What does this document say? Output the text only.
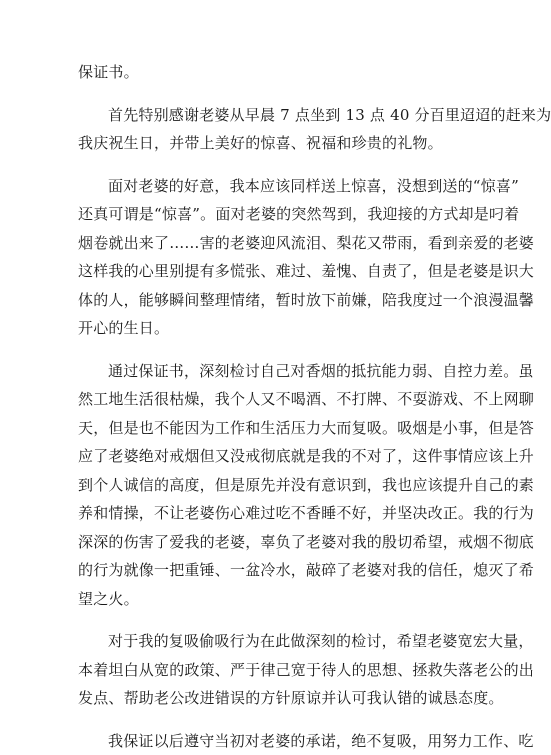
保证书。
首先特别感谢老婆从早晨 7 点坐到 13 点 40 分百里迢迢的赶来为
我庆祝生日，并带上美好的惊喜、祝福和珍贵的礼物。
面对老婆的好意，我本应该同样送上惊喜，没想到送的“惊喜”
还真可谓是“惊喜”。面对老婆的突然驾到，我迎接的方式却是叼着
烟卷就出来了……害的老婆迎风流泪、梨花又带雨，看到亲爱的老婆
这样我的心里别提有多慌张、难过、羞愧、自责了，但是老婆是识大
体的人，能够瞬间整理情绪，暂时放下前嫌，陪我度过一个浪漫温馨
开心的生日。
通过保证书，深刻检讨自己对香烟的抵抗能力弱、自控力差。虽
然工地生活很枯燥，我个人又不喝酒、不打牌、不耍游戏、不上网聊
天，但是也不能因为工作和生活压力大而复吸。吸烟是小事，但是答
应了老婆绝对戒烟但又没戒彻底就是我的不对了，这件事情应该上升
到个人诚信的高度，但是原先并没有意识到，我也应该提升自己的素
养和情操，不让老婆伤心难过吃不香睡不好，并坚决改正。我的行为
深深的伤害了爱我的老婆，辜负了老婆对我的殷切希望，戒烟不彻底
的行为就像一把重锤、一盆冷水，敲碎了老婆对我的信任，熄灭了希
望之火。
对于我的复吸偷吸行为在此做深刻的检讨，希望老婆宽宏大量，
本着坦白从宽的政策、严于律己宽于待人的思想、拯救失落老公的出
发点、帮助老公改进错误的方针原谅并认可我认错的诚恳态度。
我保证以后遵守当初对老婆的承诺，绝不复吸，用努力工作、吃
